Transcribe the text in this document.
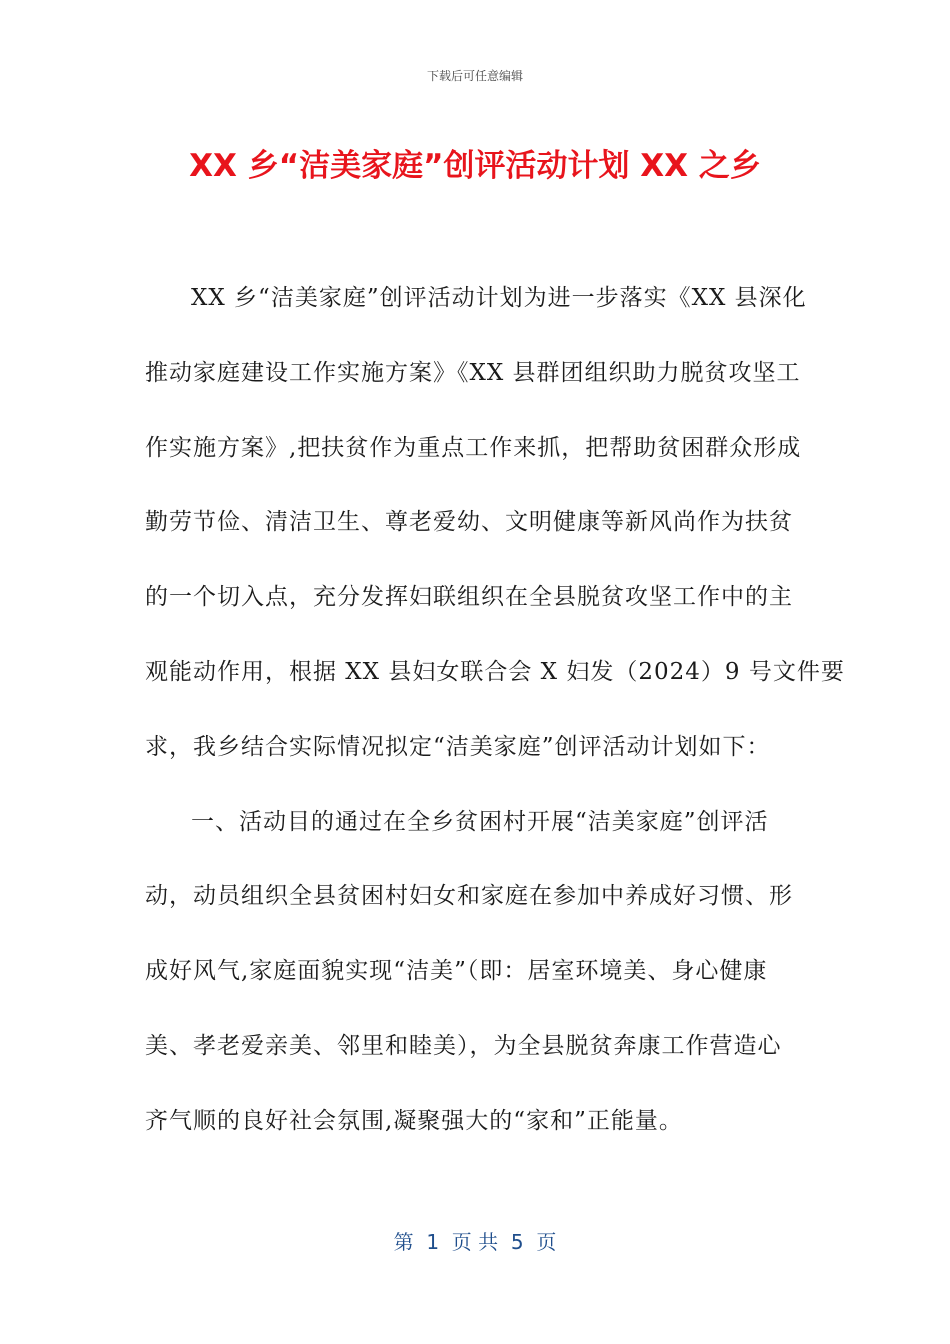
下载后可任意编辑
XX 乡“洁美家庭”创评活动计划 XX 之乡
XX 乡“洁美家庭”创评活动计划为进一步落实《XX 县深化
推动家庭建设工作实施方案》《XX 县群团组织助力脱贫攻坚工
作实施方案》,把扶贫作为重点工作来抓，把帮助贫困群众形成
勤劳节俭、清洁卫生、尊老爱幼、文明健康等新风尚作为扶贫
的一个切入点，充分发挥妇联组织在全县脱贫攻坚工作中的主
观能动作用，根据 XX 县妇女联合会 X 妇发（2024）9 号文件要
求，我乡结合实际情况拟定“洁美家庭”创评活动计划如下：
一、活动目的通过在全乡贫困村开展“洁美家庭”创评活
动，动员组织全县贫困村妇女和家庭在参加中养成好习惯、形
成好风气,家庭面貌实现“洁美”（即：居室环境美、身心健康
美、孝老爱亲美、邻里和睦美），为全县脱贫奔康工作营造心
齐气顺的良好社会氛围,凝聚强大的“家和”正能量。
第  1  页 共  5  页
